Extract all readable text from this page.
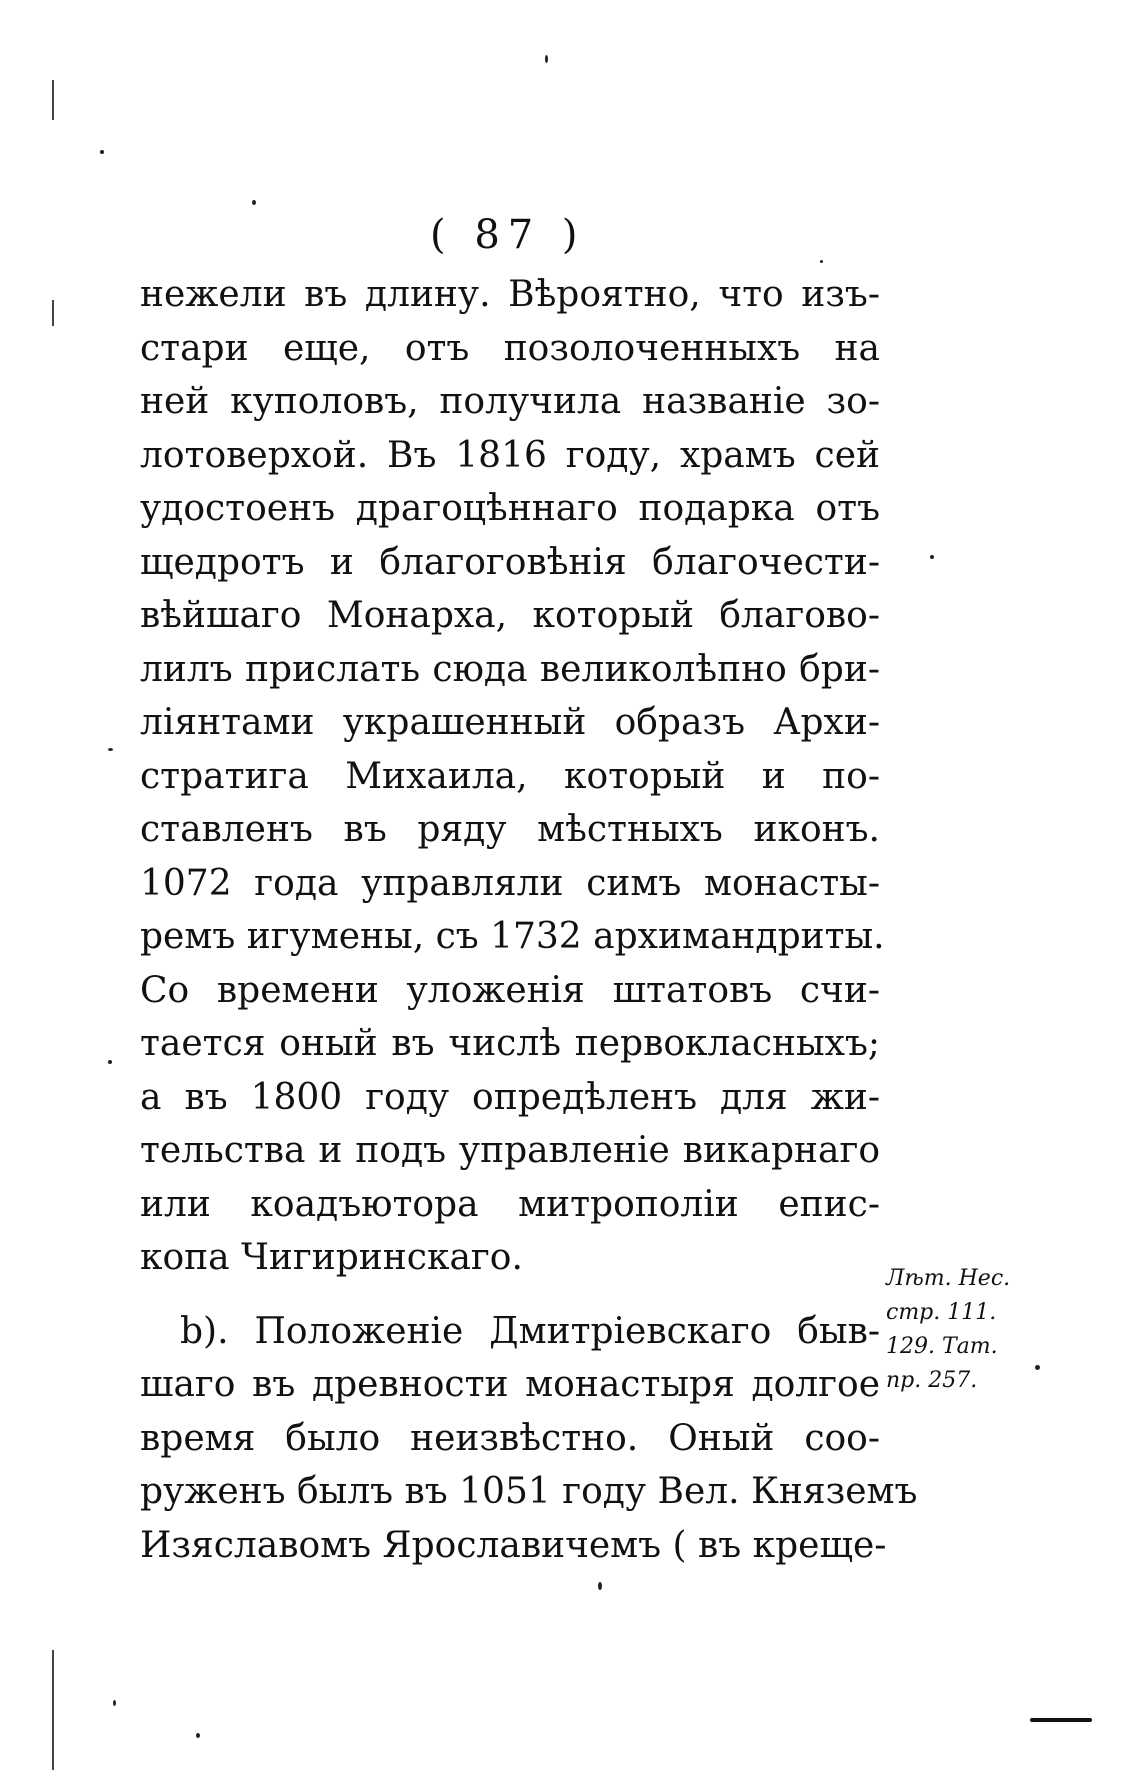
( 87 )
нежели въ длину. Вѣроятно, что изъ-
стари еще, отъ позолоченныхъ на
ней куполовъ, получила названіе зо-
лотоверхой. Въ 1816 году, храмъ сей
удостоенъ драгоцѣннаго подарка отъ
щедротъ и благоговѣнія благочести-
вѣйшаго Монарха, который благово-
лилъ прислать сюда великолѣпно бри-
ліянтами украшенный образъ Архи-
стратига Михаила, который и по-
ставленъ въ ряду мѣстныхъ иконъ.
1072 года управляли симъ монасты-
ремъ игумены, съ 1732 архимандриты.
Со времени уложенія штатовъ счи-
тается оный въ числѣ первокласныхъ;
а въ 1800 году опредѣленъ для жи-
тельства и подъ управленіе викарнаго
или коадъютора митрополіи епис-
копа Чигиринскаго.
b). Положеніе Дмитріевскаго быв-
шаго въ древности монастыря долгое
время было неизвѣстно. Оный соо-
руженъ былъ въ 1051 году Вел. Княземъ
Изяславомъ Ярославичемъ ( въ креще-
Лѣт. Нес.
стр. 111.
129. Тат.
пр. 257.
